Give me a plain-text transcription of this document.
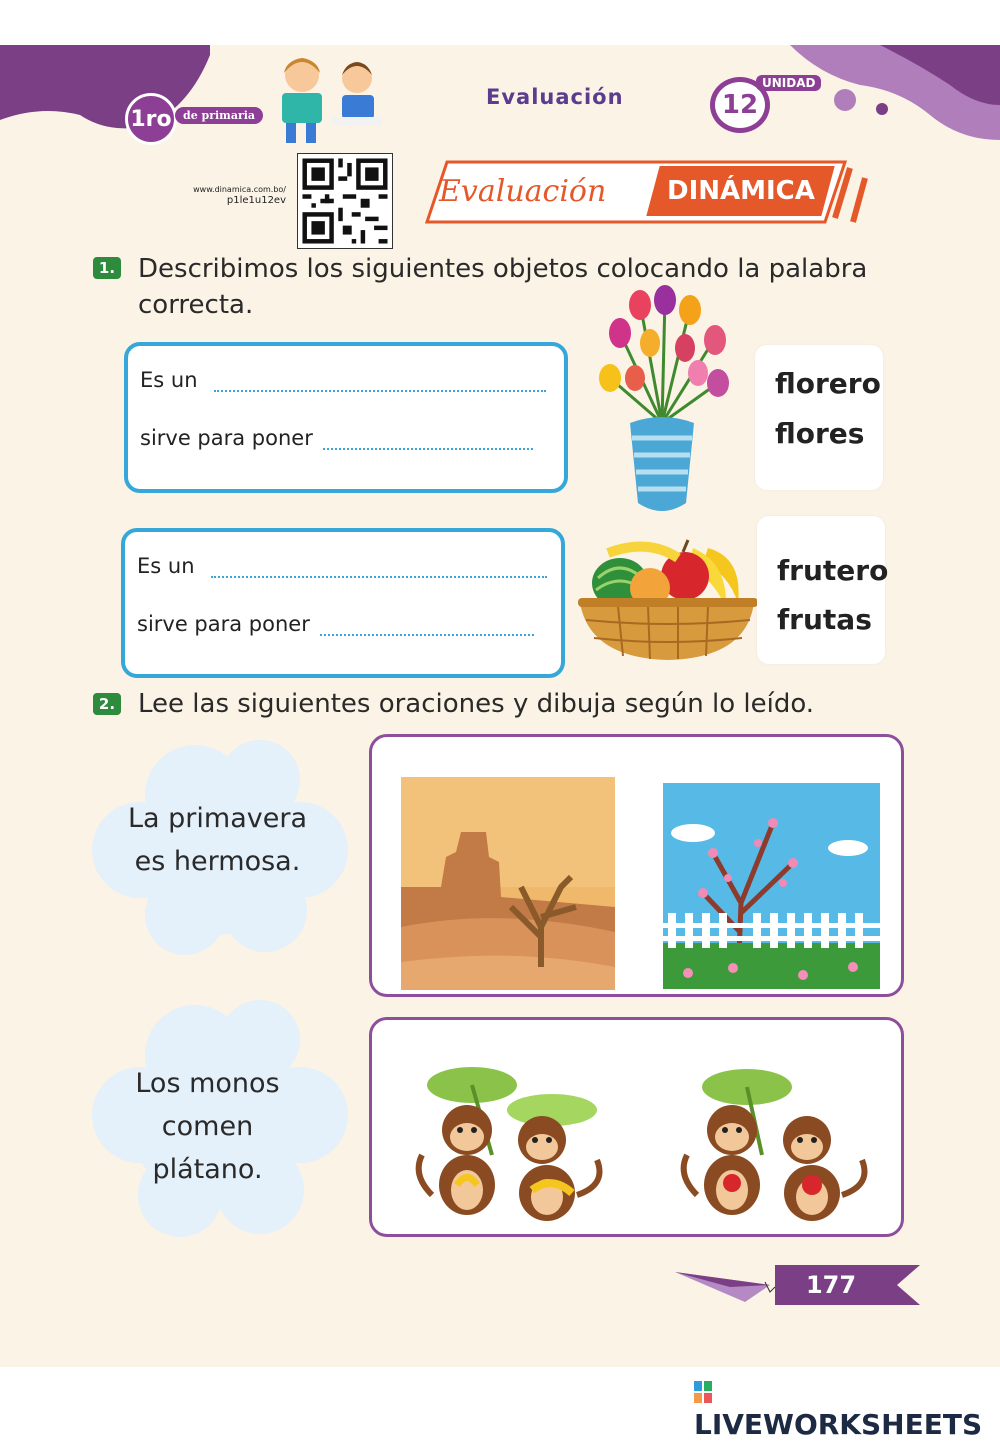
1ro	de primaria
Evaluación	12
UNIDAD
www.dinamica.com.bo/
p1le1u12ev	Evaluación	DINÁMICA
1. Describimos los siguientes objetos colocando la palabra correcta.
Es un
sirve para poner
florero
flores
Es un
sirve para poner
frutero
frutas
2. Lee las siguientes oraciones y dibuja según lo leído.
La primavera
es hermosa.
Los monos
comen
plátano.
177
LIVEWORKSHEETS
